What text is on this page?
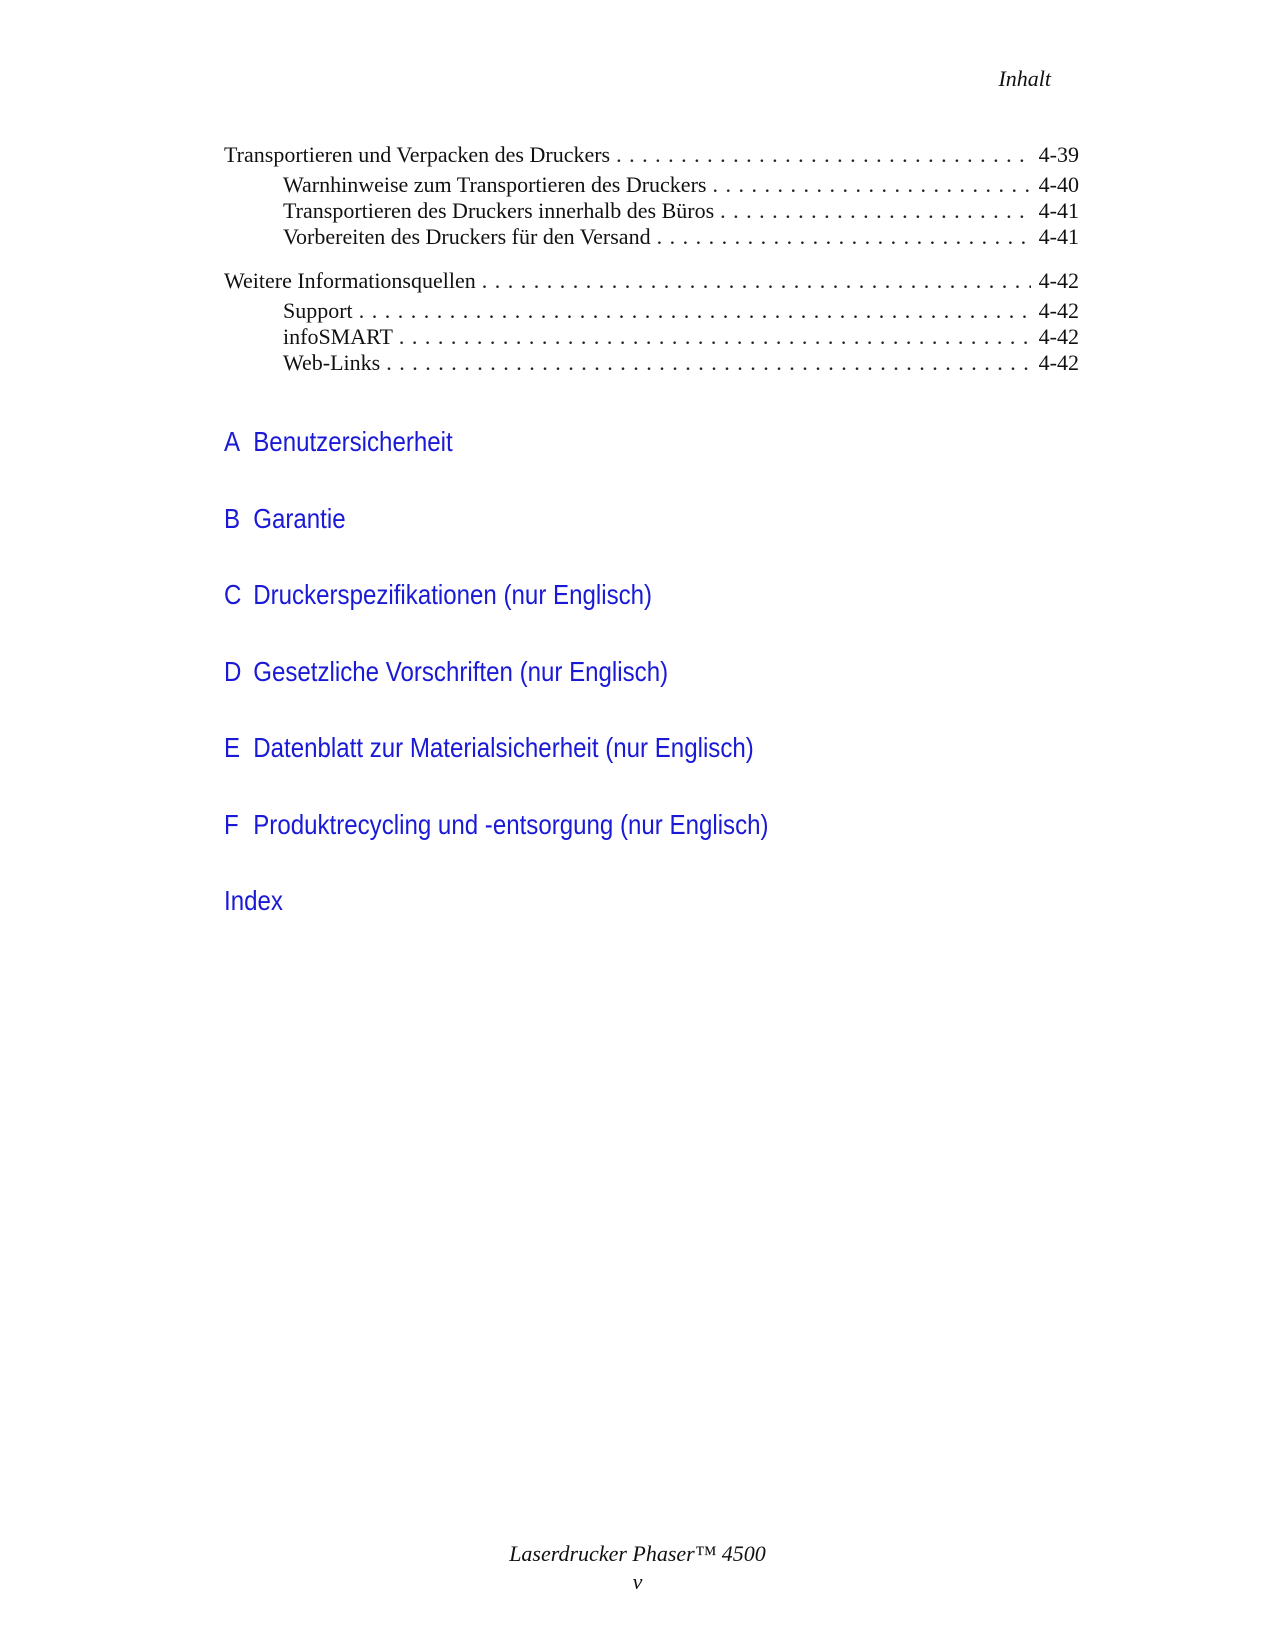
Inhalt
Transportieren und Verpacken des Druckers . . .	4-39
Warnhinweise zum Transportieren des Druckers . . .	4-40
Transportieren des Druckers innerhalb des Büros . . .	4-41
Vorbereiten des Druckers für den Versand . . .	4-41
Weitere Informationsquellen . . .	4-42
Support . . .	4-42
infoSMART . . .	4-42
Web-Links . . .	4-42
A Benutzersicherheit
B Garantie
C Druckerspezifikationen (nur Englisch)
D Gesetzliche Vorschriften (nur Englisch)
E Datenblatt zur Materialsicherheit (nur Englisch)
F Produktrecycling und -entsorgung (nur Englisch)
Index
Laserdrucker Phaser™ 4500
v
